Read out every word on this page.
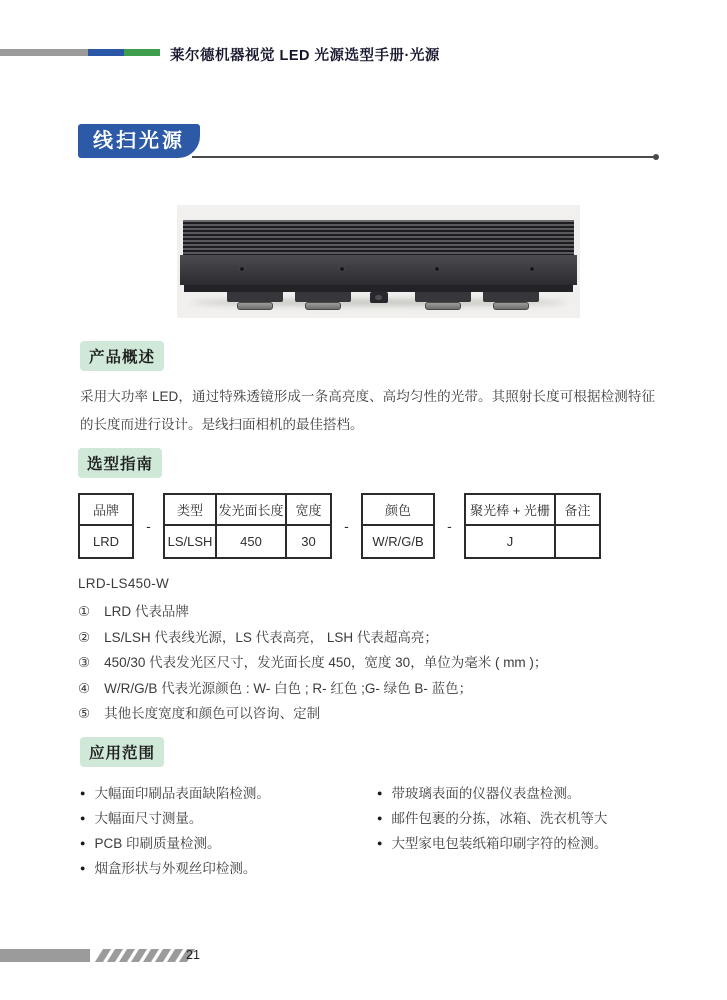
莱尔德机器视觉 LED 光源选型手册·光源
线扫光源
产品概述

采用大功率 LED，通过特殊透镜形成一条高亮度、高均匀性的光带。其照射长度可根据检测特征的长度而进行设计。是线扫面相机的最佳搭档。

选型指南
品牌
LRD
-
类型
LS/LSH
发光面长度
450
宽度
30
-
颜色
W/R/G/B
-
聚光棒 + 光栅
J
备注
LRD-LS450-W
① LRD 代表品牌
② LS/LSH 代表线光源，LS 代表高亮， LSH 代表超高亮；
③ 450/30 代表发光区尺寸，发光面长度 450，宽度 30，单位为毫米 ( mm )；
④ W/R/G/B 代表光源颜色 : W- 白色 ; R- 红色 ;G- 绿色 B- 蓝色；
⑤ 其他长度宽度和颜色可以咨询、定制
应用范围
● 大幅面印刷品表面缺陷检测。
● 大幅面尺寸测量。
● PCB 印刷质量检测。
● 烟盒形状与外观丝印检测。
● 带玻璃表面的仪器仪表盘检测。
● 邮件包裹的分拣，冰箱、洗衣机等大
● 大型家电包装纸箱印刷字符的检测。
21
